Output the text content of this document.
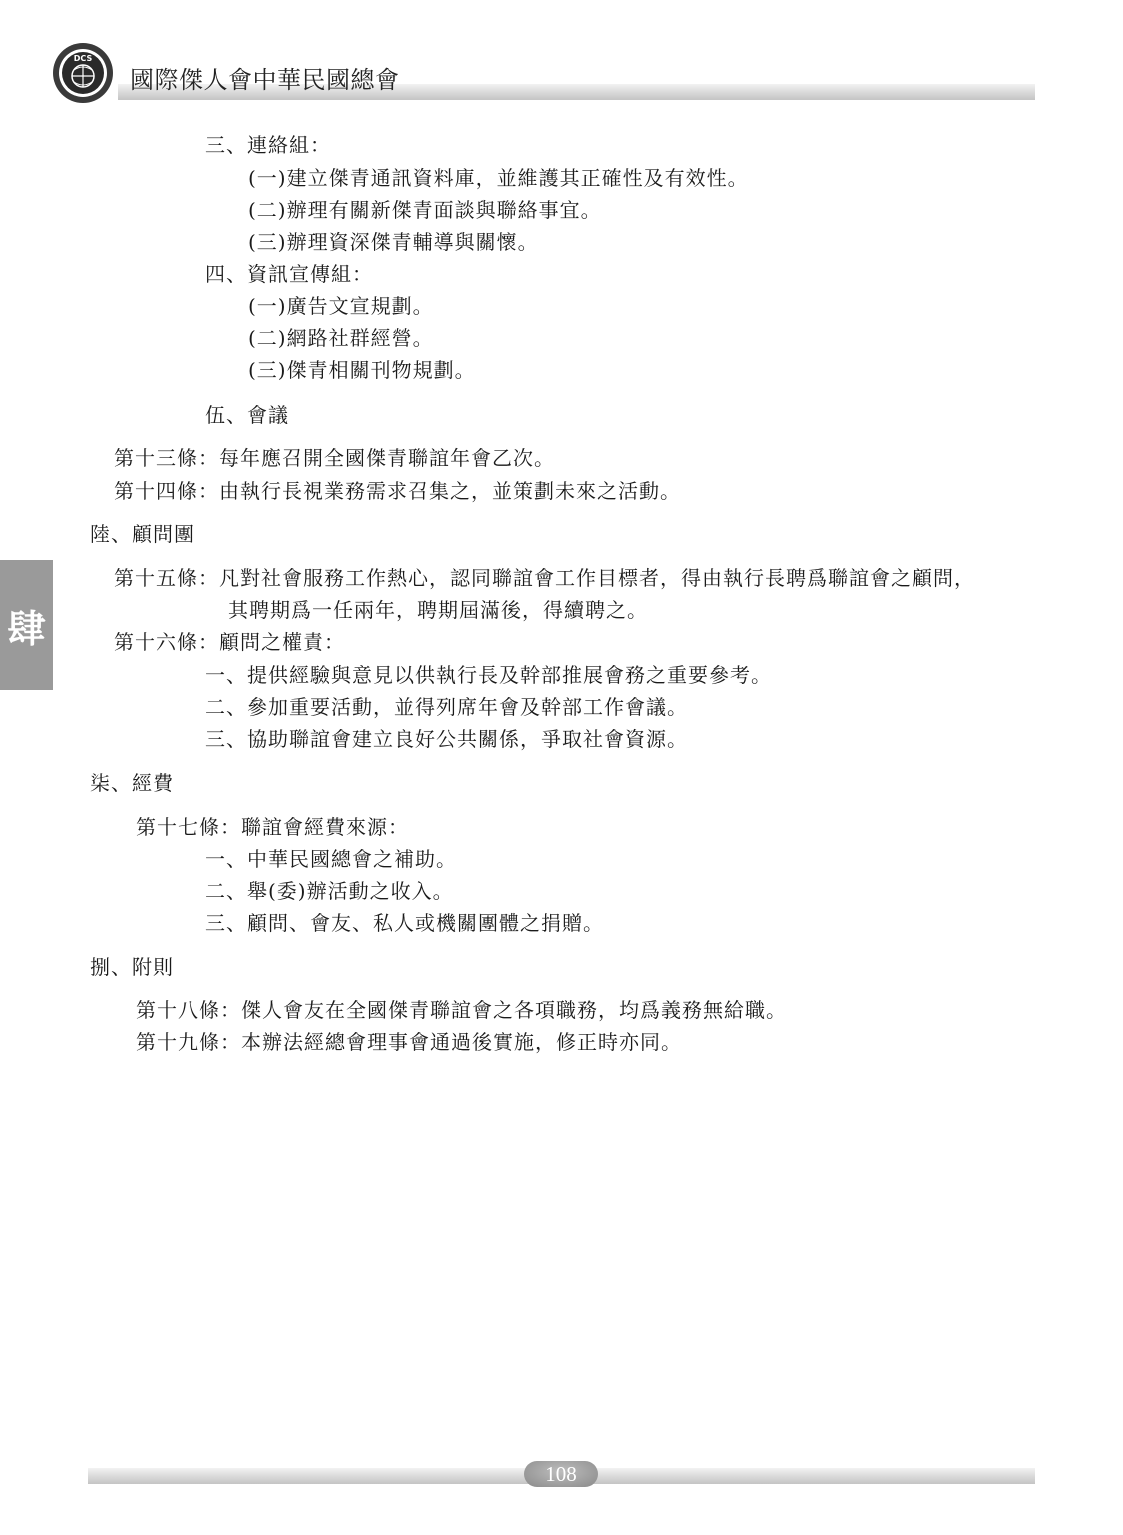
DCS
國際傑人會中華民國總會
肆
三、連絡組：
(一)建立傑青通訊資料庫，並維護其正確性及有效性。
(二)辦理有關新傑青面談與聯絡事宜。
(三)辦理資深傑青輔導與關懷。
四、資訊宣傳組：
(一)廣告文宣規劃。
(二)網路社群經營。
(三)傑青相關刊物規劃。
伍、會議
第十三條：每年應召開全國傑青聯誼年會乙次。
第十四條：由執行長視業務需求召集之，並策劃未來之活動。
陸、顧問團
第十五條：凡對社會服務工作熱心，認同聯誼會工作目標者，得由執行長聘爲聯誼會之顧問，
其聘期爲一任兩年，聘期屆滿後，得續聘之。
第十六條：顧問之權責：
一、提供經驗與意見以供執行長及幹部推展會務之重要參考。
二、參加重要活動，並得列席年會及幹部工作會議。
三、協助聯誼會建立良好公共關係，爭取社會資源。
柒、經費
第十七條：聯誼會經費來源：
一、中華民國總會之補助。
二、舉(委)辦活動之收入。
三、顧問、會友、私人或機關團體之捐贈。
捌、附則
第十八條：傑人會友在全國傑青聯誼會之各項職務，均爲義務無給職。
第十九條：本辦法經總會理事會通過後實施，修正時亦同。
108
